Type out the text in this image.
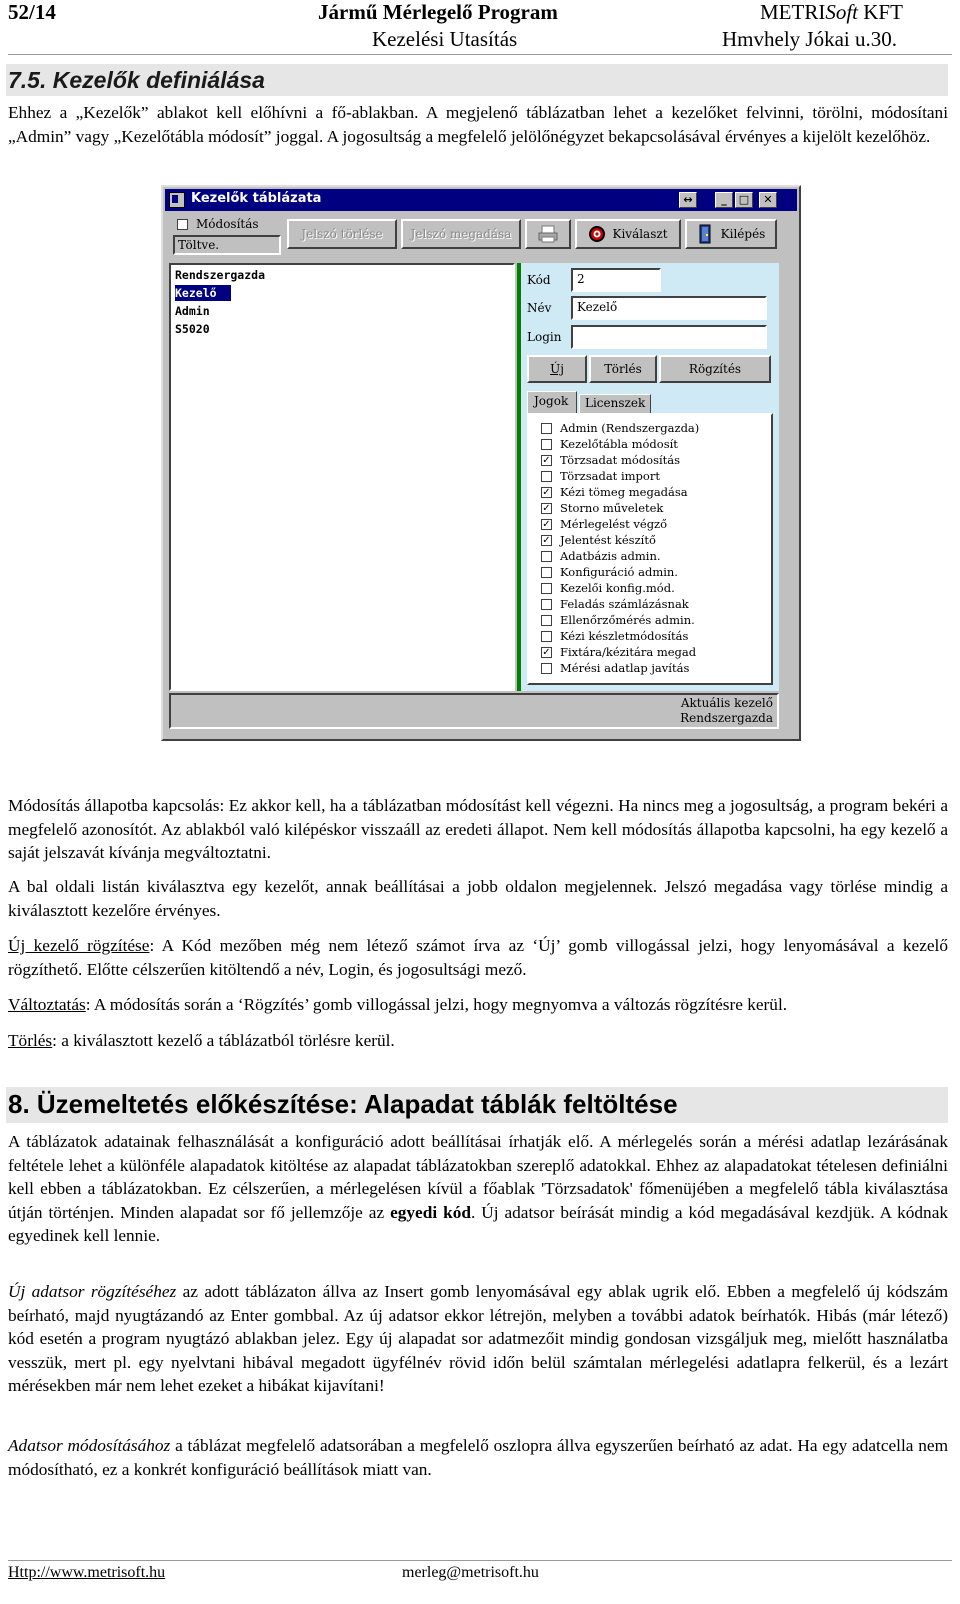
52/14	Jármű Mérlegelő Program
Kezelési Utasítás
METRISoft KFT
Hmvhely Jókai u.30.
7.5. Kezelők definiálása
Ehhez a „Kezelők” ablakot kell előhívni a fő-ablakban. A megjelenő táblázatban lehet a kezelőket felvinni, törölni, módosítani „Admin” vagy „Kezelőtábla módosít” joggal. A jogosultság a megfelelő jelölőnégyzet bekapcsolásával érvényes a kijelölt kezelőhöz.
Kezelők táblázata	↔	_	□	✕
Módosítás
Töltve.
Jelszó törlése Jelszó megadása	Kiválaszt	Kilépés
Rendszergazda
Kezelő
Admin
S5020
Kód	2
Név	Kezelő
Login
Új	Törlés	Rögzítés
Jogok	Licenszek
Admin (Rendszergazda)
Kezelőtábla módosít
✓ Törzsadat módosítás
Törzsadat import
✓ Kézi tömeg megadása
✓ Storno műveletek
✓ Mérlegelést végző
✓ Jelentést készítő
Adatbázis admin.
Konfiguráció admin.
Kezelői konfig.mód.
Feladás számlázásnak
Ellenőrzőmérés admin.
Kézi készletmódosítás
✓ Fixtára/kézitára megad
Mérési adatlap javítás
Aktuális kezelő
Rendszergazda
Módosítás állapotba kapcsolás: Ez akkor kell, ha a táblázatban módosítást kell végezni. Ha nincs meg a jogosultság, a program bekéri a megfelelő azonosítót. Az ablakból való kilépéskor visszaáll az eredeti állapot. Nem kell módosítás állapotba kapcsolni, ha egy kezelő a saját jelszavát kívánja megváltoztatni.
A bal oldali listán kiválasztva egy kezelőt, annak beállításai a jobb oldalon megjelennek. Jelszó megadása vagy törlése mindig a kiválasztott kezelőre érvényes.
Új kezelő rögzítése: A Kód mezőben még nem létező számot írva az ‘Új’ gomb villogással jelzi, hogy lenyomásával a kezelő rögzíthető. Előtte célszerűen kitöltendő a név, Login, és jogosultsági mező.
Változtatás: A módosítás során a ‘Rögzítés’ gomb villogással jelzi, hogy megnyomva a változás rögzítésre kerül.
Törlés: a kiválasztott kezelő a táblázatból törlésre kerül.
8. Üzemeltetés előkészítése: Alapadat táblák feltöltése
A táblázatok adatainak felhasználását a konfiguráció adott beállításai írhatják elő. A mérlegelés során a mérési adatlap lezárásának feltétele lehet a különféle alapadatok kitöltése az alapadat táblázatokban szereplő adatokkal. Ehhez az alapadatokat tételesen definiálni kell ebben a táblázatokban. Ez célszerűen, a mérlegelésen kívül a főablak 'Törzsadatok' főmenüjében a megfelelő tábla kiválasztása útján történjen. Minden alapadat sor fő jellemzője az egyedi kód. Új adatsor beírását mindig a kód megadásával kezdjük. A kódnak egyedinek kell lennie.
Új adatsor rögzítéséhez az adott táblázaton állva az Insert gomb lenyomásával egy ablak ugrik elő. Ebben a megfelelő új kódszám beírható, majd nyugtázandó az Enter gombbal. Az új adatsor ekkor létrejön, melyben a további adatok beírhatók. Hibás (már létező) kód esetén a program nyugtázó ablakban jelez. Egy új alapadat sor adatmezőit mindig gondosan vizsgáljuk meg, mielőtt használatba vesszük, mert pl. egy nyelvtani hibával megadott ügyfélnév rövid időn belül számtalan mérlegelési adatlapra felkerül, és a lezárt mérésekben már nem lehet ezeket a hibákat kijavítani!
Adatsor módosításához a táblázat megfelelő adatsorában a megfelelő oszlopra állva egyszerűen beírható az adat. Ha egy adatcella nem módosítható, ez a konkrét konfiguráció beállítások miatt van.
Http://www.metrisoft.hu	merleg@metrisoft.hu
